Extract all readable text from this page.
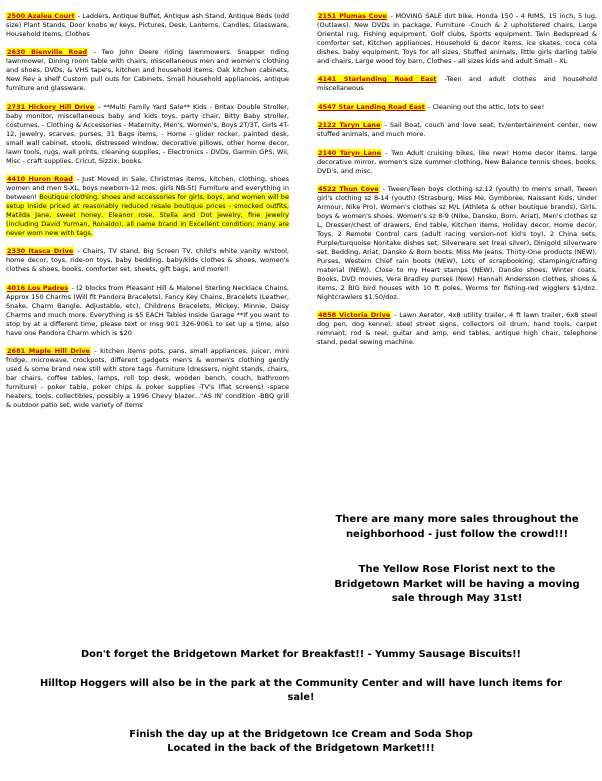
2500 Azalea Court - Ladders, Antique Buffet, Antique ash Stand, Antique Beds (odd size) Plant Stands, Door knobs w/ keys, Pictures, Desk, Lanterns, Candles, Glassware, Household Items, Clothes
2630 Bienville Road - Two John Deere riding lawnmowers. Snapper riding lawnmower, Dining room table with chairs, miscellaneous men and women's clothing and shoes, DVDs, & VHS tape's, kitchen and household items. Oak kitchen cabinets, New Rev a shelf Custom pull outs for Cabinets, Small household appliances, antique furniture and glassware.
2731 Hickory Hill Drive - **Multi Family Yard Sale** Kids - Britax Double Stroller, baby monitor, miscellaneous baby and kids toys, party chair, Bitty Baby stroller, costumes, - Clothing & Accessories - Maternity, Men's, Women's, Boys 2T/3T, Girls 4T-12, jewelry, scarves, purses, 31 Bags items, - Home - glider rocker, painted desk, small wall cabinet, stools, distressed window, decorative pillows, other home decor, lawn tools, rugs, wall prints, cleaning supplies, - Electronics - DVDs, Garmin GPS, Wii, Misc - craft supplies, Cricut, Sizzix, books.
4410 Huron Road - Just Moved In Sale, Christmas items, kitchen, clothing, shoes women and men S-XL, boys newborn-12 mos, girls NB-5t) Furniture and everything in between! Boutique clothing, shoes and accessories for girls, boys, and women will be setup inside priced at reasonably reduced resale boutique prices - smocked outfits, Matilda Jane, sweet honey, Eleanor rose, Stella and Dot jewelry, fine jewelry (including David Yurman, Ronaldo), all name brand in Excellent condition; many are never worn new with tags.
2330 Itasca Drive - Chairs, TV stand, Big Screen TV, child's white vanity w/stool, home decor, toys, ride-on toys, baby bedding, baby/kids clothes & shoes, women's clothes & shoes, books, comforter set, sheets, gift bags, and more!!
4016 Los Padres - (2 blocks from Pleasant Hill & Malone) Sterling Necklace Chains, Approx 150 Charms (Will fit Pandora Bracelets), Fancy Key Chains, Bracelets (Leather, Snake, Charm Bangle, Adjustable, etc), Childrens Bracelets, Mickey, Minnie, Daisy Charms and much more. Everything is $5 EACH Tables Inside Garage **If you want to stop by at a different time, please text or msg 901 326-9061 to set up a time, also have one Pandora Charm which is $20
2681 Maple Hill Drive - kitchen items pots, pans, small appliances, juicer, mini fridge, microwave, crockpots, different gadgets men's & women's clothing gently used & some brand new still with store tags -furniture (dressers, night stands, chairs, bar chairs, coffee tables, lamps, roll top desk, wooden bench, couch, bathroom furniture) - poker table, poker chips & poker supplies -TV's (flat screens) -space heaters, tools, collectibles, possibly a 1996 Chevy blazer..."AS IN' condition -BBQ grill & outdoor patio set, wide variety of items
2151 Plumas Cove - MOVING SALE dirt bike, Honda 150 - 4 RIMS, 15 inch, 5 lug, (Outlaws). New DVDs in package, Furniture -Couch & 2 upholstered chairs, Large Oriental rug, Fishing equipment, Golf clubs, Sports equipment, Twin Bedspread & comforter set, Kitchen appliances, Household & decor items, ice skates, coca cola dishes, baby equipment, Toys for all sizes, Stuffed animals, little girls darling table and chairs, Large wood toy barn, Clothes - all sizes kids and adult Small - XL
4141 Starlanding Road East -Teen and adult clothes and household miscellaneous
4547 Star Landing Road East - Cleaning out the attic, lots to see!
2122 Taryn Lane - Sail Boat, couch and love seat, tv/entertainment center, new stuffed animals, and much more.
2140 Taryn Lane - Two Adult cruising bikes, like new! Home decor items, large decorative mirror, women's size summer clothing, New Balance tennis shoes, books, DVD's, and misc.
4522 Thun Cove - Tween/Teen boys clothing sz.12 (youth) to men's small, Tween girl's clothing sz 8-14 (youth) (Strasburg, Miss Me, Gymboree, Naissant Kids, Under Armour, Nike Pro), Women's clothes sz M/L (Athleta & other boutique brands), Girls, boys & women's shoes. Women's sz 8-9 (Nike, Dansko, Born, Ariat), Men's clothes sz L, Dresser/chest of drawers, End table, Kitchen items, Holiday decor, Home decor, Toys, 2 Remote Control cars (adult racing version-not kid's toy), 2 China sets, Purple/turquoise Noritake dishes set, Silverware set (real silver), Dinigold silverware set, Bedding, Ariat, Dansko & Born boots, Miss Me jeans, Thirty-One products (NEW), Purses, Western Chief rain boots (NEW), Lots of scrapbooking, stamping/crafting material (NEW), Close to my Heart stamps (NEW), Dansko shoes, Winter coats, Books, DVD movies, Vera Bradley purses (New) Hannah Andersson clothes, shoes & items, 2 BIG bird houses with 10 ft poles, Worms for fishing-red wigglers $1/doz. Nightcrawlers $1.50/doz.
4858 Victoria Drive - Lawn Aerator, 4x8 utility trailer, 4 ft lawn trailer, 6x8 steel dog pen, dog kennel, steel street signs, collectors oil drum, hand tools, carpet remnant, rod & reel, guitar and amp, end tables, antique high chair, telephone stand, pedal sewing machine.
There are many more sales throughout the
neighborhood - just follow the crowd!!!
The Yellow Rose Florist next to the
Bridgetown Market will be having a moving
sale through May 31st!
Don't forget the Bridgetown Market for Breakfast!! - Yummy Sausage Biscuits!!
Hilltop Hoggers will also be in the park at the Community Center and will have lunch items for
sale!
Finish the day up at the Bridgetown Ice Cream and Soda Shop
Located in the back of the Bridgetown Market!!!
